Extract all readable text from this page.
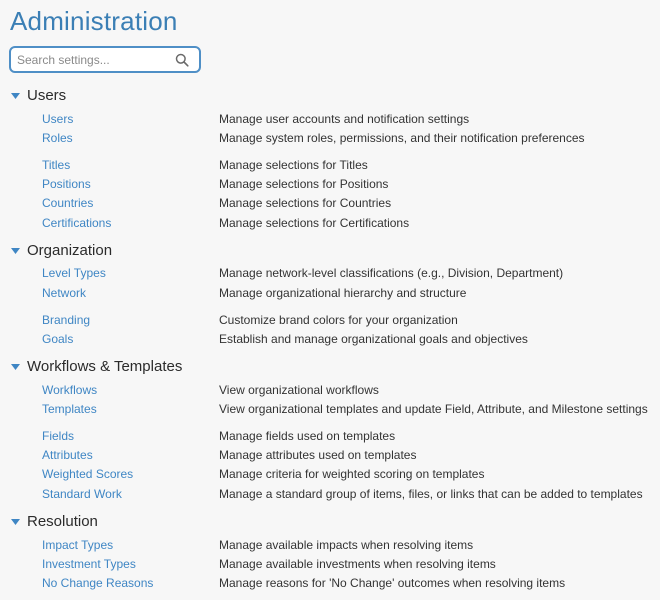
Administration
Search settings...
Users
Users	Manage user accounts and notification settings
Roles	Manage system roles, permissions, and their notification preferences
Titles	Manage selections for Titles
Positions	Manage selections for Positions
Countries	Manage selections for Countries
Certifications	Manage selections for Certifications
Organization
Level Types	Manage network-level classifications (e.g., Division, Department)
Network	Manage organizational hierarchy and structure
Branding	Customize brand colors for your organization
Goals	Establish and manage organizational goals and objectives
Workflows & Templates
Workflows	View organizational workflows
Templates	View organizational templates and update Field, Attribute, and Milestone settings
Fields	Manage fields used on templates
Attributes	Manage attributes used on templates
Weighted Scores	Manage criteria for weighted scoring on templates
Standard Work	Manage a standard group of items, files, or links that can be added to templates
Resolution
Impact Types	Manage available impacts when resolving items
Investment Types	Manage available investments when resolving items
No Change Reasons	Manage reasons for 'No Change' outcomes when resolving items
